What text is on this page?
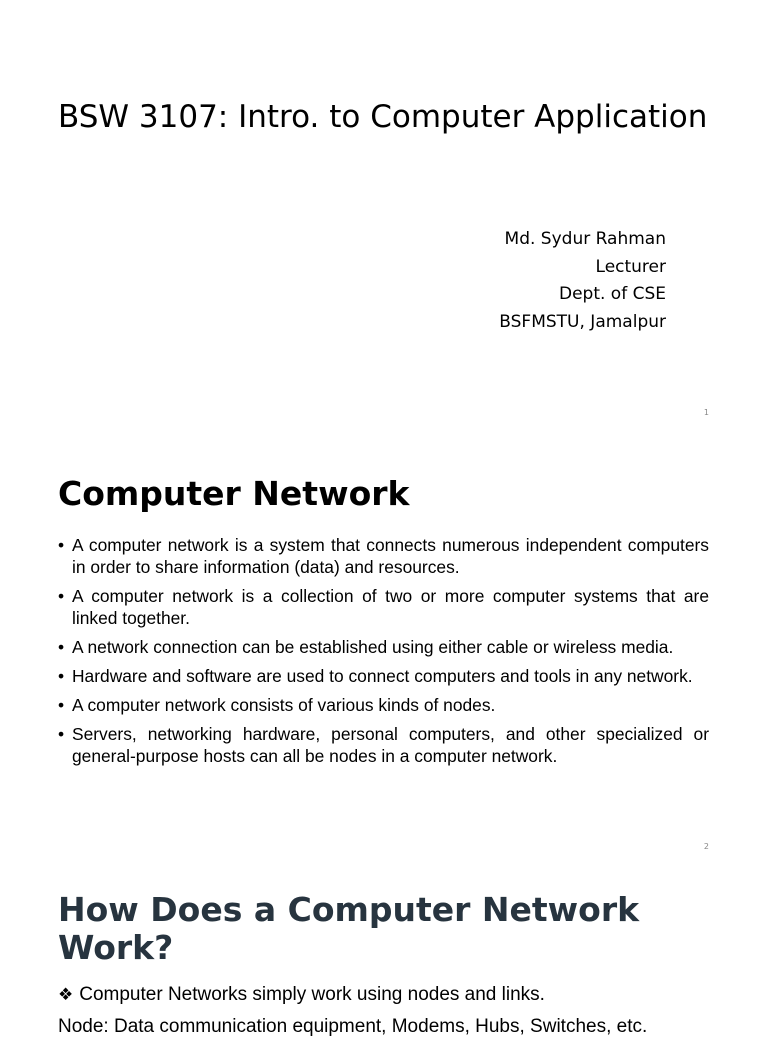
BSW 3107: Intro. to Computer Application
Md. Sydur Rahman
Lecturer
Dept. of CSE
BSFMSTU, Jamalpur
1
Computer Network
• A computer network is a system that connects numerous independent computers in order to share information (data) and resources.
• A computer network is a collection of two or more computer systems that are linked together.
• A network connection can be established using either cable or wireless media.
• Hardware and software are used to connect computers and tools in any network.
• A computer network consists of various kinds of nodes.
• Servers, networking hardware, personal computers, and other specialized or general-purpose hosts can all be nodes in a computer network.
2
How Does a Computer Network Work?
❖ Computer Networks simply work using nodes and links.
Node: Data communication equipment, Modems, Hubs, Switches, etc.
